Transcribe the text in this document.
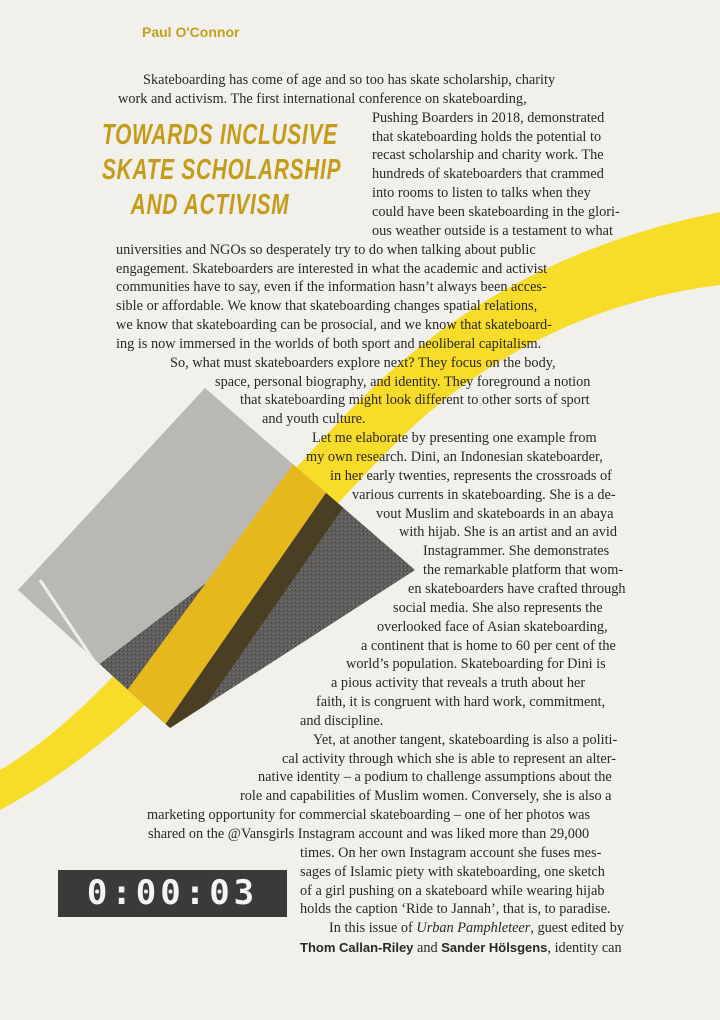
Paul O'Connor
TOWARDS INCLUSIVE
SKATE SCHOLARSHIP
AND ACTIVISM
Skateboarding has come of age and so too has skate scholarship, charity
work and activism. The first international conference on skateboarding,
Pushing Boarders in 2018, demonstrated
that skateboarding holds the potential to
recast scholarship and charity work. The
hundreds of skateboarders that crammed
into rooms to listen to talks when they
could have been skateboarding in the glori-
ous weather outside is a testament to what
universities and NGOs so desperately try to do when talking about public
engagement. Skateboarders are interested in what the academic and activist
communities have to say, even if the information hasn’t always been acces-
sible or affordable. We know that skateboarding changes spatial relations,
we know that skateboarding can be prosocial, and we know that skateboard-
ing is now immersed in the worlds of both sport and neoliberal capitalism.
So, what must skateboarders explore next? They focus on the body,
space, personal biography, and identity. They foreground a notion
that skateboarding might look different to other sorts of sport
and youth culture.
Let me elaborate by presenting one example from
my own research. Dini, an Indonesian skateboarder,
in her early twenties, represents the crossroads of
various currents in skateboarding. She is a de-
vout Muslim and skateboards in an abaya
with hijab. She is an artist and an avid
Instagrammer. She demonstrates
the remarkable platform that wom-
en skateboarders have crafted through
social media. She also represents the
overlooked face of Asian skateboarding,
a continent that is home to 60 per cent of the
world’s population. Skateboarding for Dini is
a pious activity that reveals a truth about her
faith, it is congruent with hard work, commitment,
and discipline.
Yet, at another tangent, skateboarding is also a politi-
cal activity through which she is able to represent an alter-
native identity – a podium to challenge assumptions about the
role and capabilities of Muslim women. Conversely, she is also a
marketing opportunity for commercial skateboarding – one of her photos was
shared on the @Vansgirls Instagram account and was liked more than 29,000
times. On her own Instagram account she fuses mes-
sages of Islamic piety with skateboarding, one sketch
of a girl pushing on a skateboard while wearing hijab
holds the caption ‘Ride to Jannah’, that is, to paradise.
In this issue of Urban Pamphleteer, guest edited by
Thom Callan-Riley and Sander Hölsgens, identity can
0:00:03
